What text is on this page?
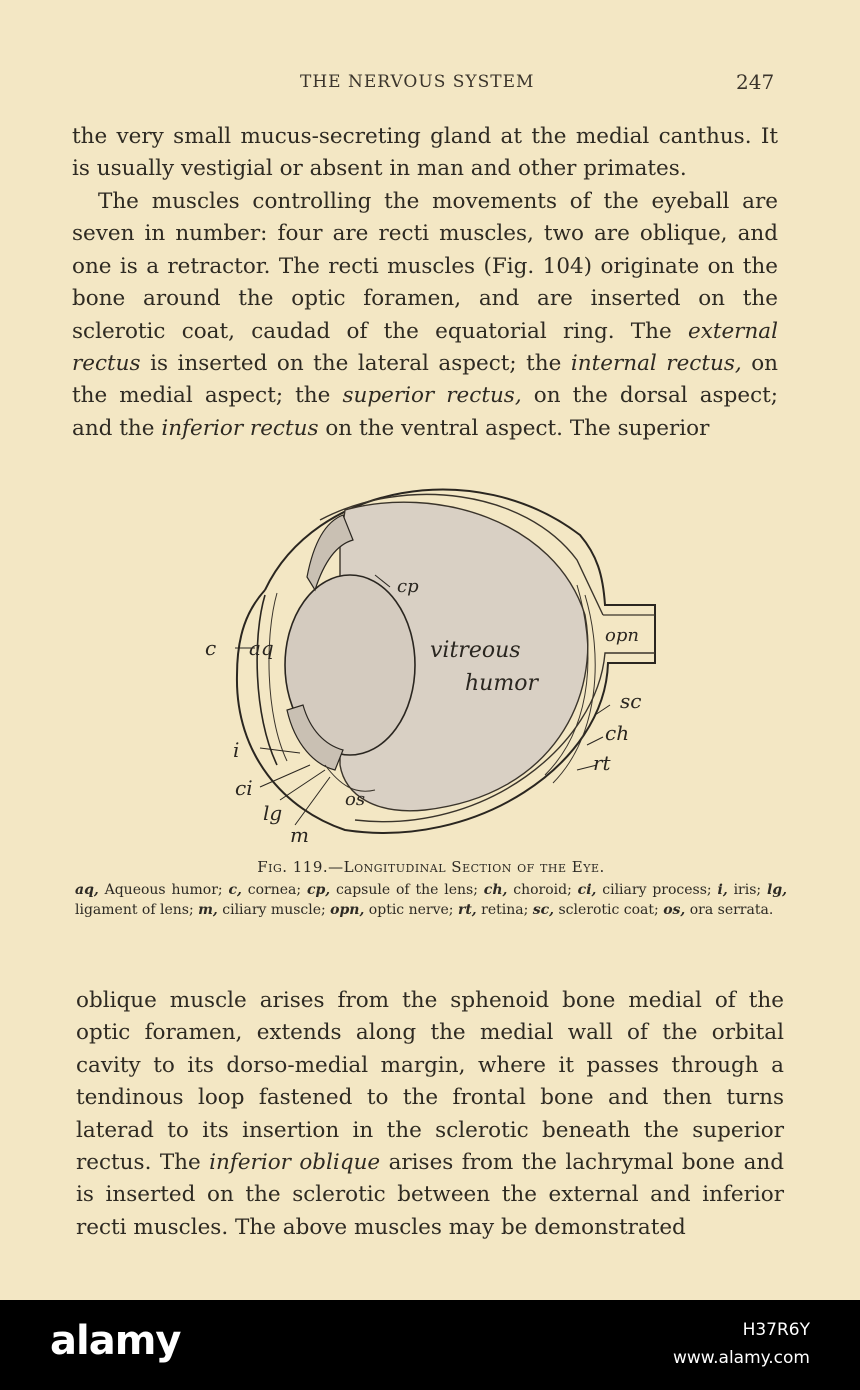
THE NERVOUS SYSTEM	247

the very small mucus-secreting gland at the medial canthus. It is usually vestigial or absent in man and other primates.

The muscles controlling the movements of the eyeball are seven in number: four are recti muscles, two are oblique, and one is a retractor. The recti muscles (Fig. 104) originate on the bone around the optic foramen, and are inserted on the sclerotic coat, caudad of the equatorial ring. The external rectus is inserted on the lateral aspect; the internal rectus, on the medial aspect; the superior rectus, on the dorsal aspect; and the inferior rectus on the ventral aspect. The superior

cp
c aq	vitreous
humor
opn
sc
ch
rt
i
ci
lg
os
m
Fig. 119.—Longitudinal Section of the Eye.
aq, Aqueous humor; c, cornea; cp, capsule of the lens; ch, choroid; ci, ciliary process; i, iris; lg, ligament of lens; m, ciliary muscle; opn, optic nerve; rt, retina; sc, sclerotic coat; os, ora serrata.

oblique muscle arises from the sphenoid bone medial of the optic foramen, extends along the medial wall of the orbital cavity to its dorso-medial margin, where it passes through a tendinous loop fastened to the frontal bone and then turns laterad to its insertion in the sclerotic beneath the superior rectus. The inferior oblique arises from the lachrymal bone and is inserted on the sclerotic between the external and inferior recti muscles. The above muscles may be demonstrated

alamy	H37R6Y
www.alamy.com
